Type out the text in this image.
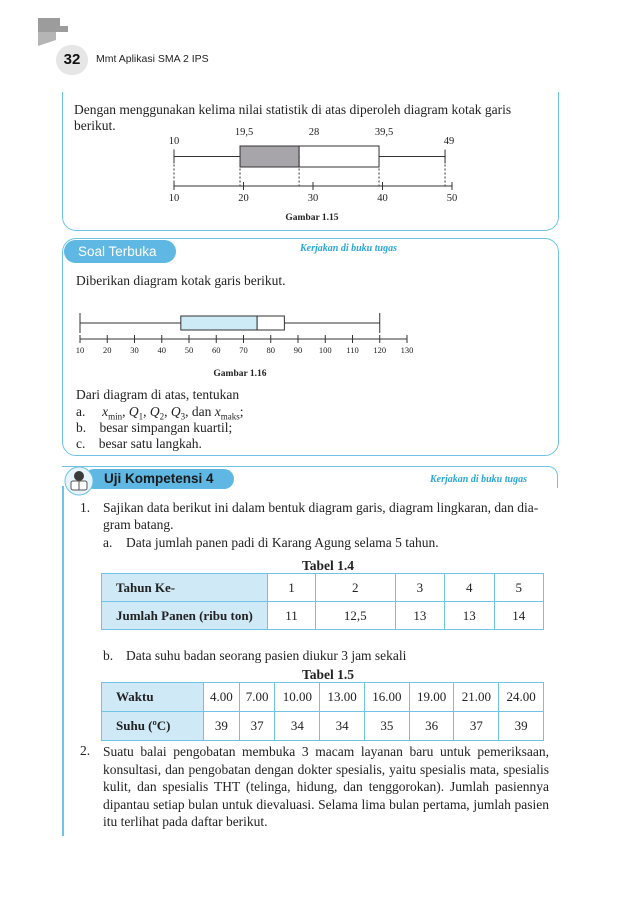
32	Mmt Aplikasi SMA 2 IPS
Dengan menggunakan kelima nilai statistik di atas diperoleh diagram kotak garis berikut.
10
19,5	28	39,5
49
10	20	30	40	50
Gambar 1.15
Soal Terbuka	Kerjakan di buku tugas
Diberikan diagram kotak garis berikut.
10 20 30 40 50 60 70 80 90 100 110 120 130
Gambar 1.16
Dari diagram di atas, tentukan
a. $x_{min}$, $Q_1$, $Q_2$, $Q_3$, dan $x_{maks}$;
b. besar simpangan kuartil;
c. besar satu langkah.
Uji Kompetensi 4	Kerjakan di buku tugas
1. Sajikan data berikut ini dalam bentuk diagram garis, diagram lingkaran, dan dia-
gram batang.
a. Data jumlah panen padi di Karang Agung selama 5 tahun.
Tabel 1.4
Tahun Ke-	1	2	3	4	5
Jumlah Panen (ribu ton)	11	12,5	13	13	14
b. Data suhu badan seorang pasien diukur 3 jam sekali
Tabel 1.5
Waktu	4.00	7.00	10.00	13.00	16.00	19.00	21.00	24.00
Suhu (ºC)	39	37	34	34	35	36	37	39
2. Suatu balai pengobatan membuka 3 macam layanan baru untuk pemeriksaan,
konsultasi, dan pengobatan dengan dokter spesialis, yaitu spesialis mata, spesialis
kulit, dan spesialis THT (telinga, hidung, dan tenggorokan). Jumlah pasiennya
dipantau setiap bulan untuk dievaluasi. Selama lima bulan pertama, jumlah pasien
itu terlihat pada daftar berikut.
